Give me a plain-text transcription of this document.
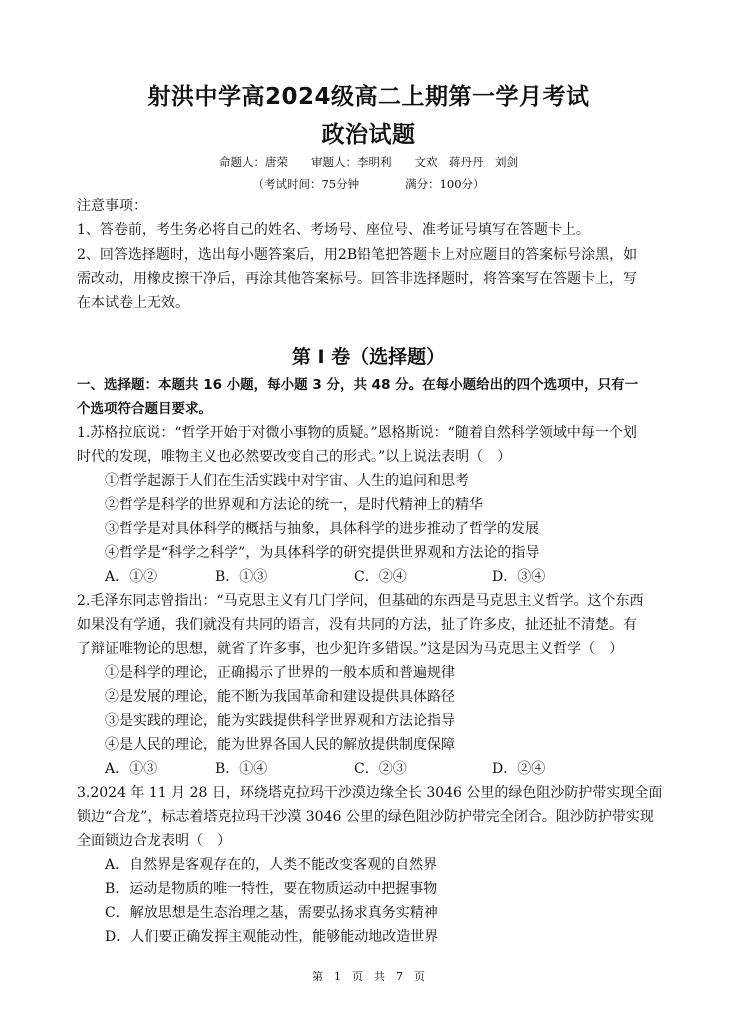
射洪中学高2024级高二上期第一学月考试
政治试题
命题人：唐荣　　审题人：李明利　　文欢　蒋丹丹　刘剑
（考试时间：75分钟　　　　满分：100分）
注意事项：
1、答卷前，考生务必将自己的姓名、考场号、座位号、准考证号填写在答题卡上。
2、回答选择题时，选出每小题答案后，用2B铅笔把答题卡上对应题目的答案标号涂黑，如
需改动，用橡皮擦干净后，再涂其他答案标号。回答非选择题时，将答案写在答题卡上，写
在本试卷上无效。
第 I 卷（选择题）
一、选择题：本题共 16 小题，每小题 3 分，共 48 分。在每小题给出的四个选项中，只有一
个选项符合题目要求。
1.苏格拉底说：“哲学开始于对微小事物的质疑。”恩格斯说：“随着自然科学领域中每一个划
时代的发现，唯物主义也必然要改变自己的形式。”以上说法表明（　）
①哲学起源于人们在生活实践中对宇宙、人生的追问和思考
②哲学是科学的世界观和方法论的统一，是时代精神上的精华
③哲学是对具体科学的概括与抽象，具体科学的进步推动了哲学的发展
④哲学是“科学之科学”，为具体科学的研究提供世界观和方法论的指导
A．①②	B．①③	C．②④	D．③④
2.毛泽东同志曾指出：“马克思主义有几门学问，但基础的东西是马克思主义哲学。这个东西
如果没有学通，我们就没有共同的语言，没有共同的方法，扯了许多皮，扯还扯不清楚。有
了辩证唯物论的思想，就省了许多事，也少犯许多错误。”这是因为马克思主义哲学（　）
①是科学的理论，正确揭示了世界的一般本质和普遍规律
②是发展的理论，能不断为我国革命和建设提供具体路径
③是实践的理论，能为实践提供科学世界观和方法论指导
④是人民的理论，能为世界各国人民的解放提供制度保障
A．①③	B．①④	C．②③	D．②④
3.2024 年 11 月 28 日，环绕塔克拉玛干沙漠边缘全长 3046 公里的绿色阻沙防护带实现全面
锁边“合龙”，标志着塔克拉玛干沙漠 3046 公里的绿色阻沙防护带完全闭合。阻沙防护带实现
全面锁边合龙表明（　）
A．自然界是客观存在的，人类不能改变客观的自然界
B．运动是物质的唯一特性，要在物质运动中把握事物
C．解放思想是生态治理之基，需要弘扬求真务实精神
D．人们要正确发挥主观能动性，能够能动地改造世界
第　1　页　共　7　页
